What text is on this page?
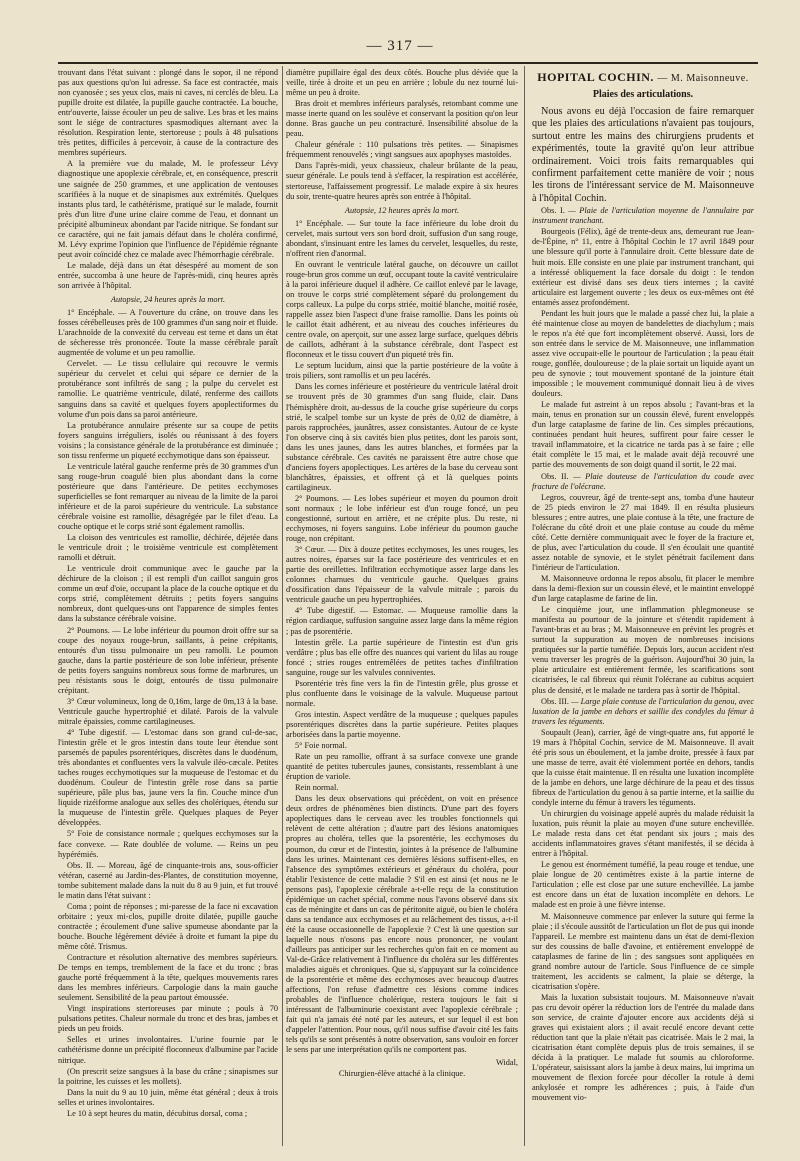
— 317 —

trouvant dans l'état suivant : plongé dans le sopor, il ne répond pas aux questions qu'on lui adresse. Sa face est contractée, mais non cyanosée ; ses yeux clos, mais ni caves, ni cerclés de bleu. La pupille droite est dilatée, la pupille gauche contractée. La bouche, entr'ouverte, laisse écouler un peu de salive. Les bras et les mains sont le siége de contractures spasmodiques alternant avec la résolution. Respiration lente, stertoreuse ; pouls à 48 pulsations très petites, difficiles à percevoir, à cause de la contracture des membres supérieurs.

A la première vue du malade, M. le professeur Lévy diagnostique une apoplexie cérébrale, et, en conséquence, prescrit une saignée de 250 grammes, et une application de ventouses scarifiées à la nuque et de sinapismes aux extrémités. Quelques instants plus tard, le cathétérisme, pratiqué sur le malade, fournit près d'un litre d'une urine claire comme de l'eau, et donnant un précipité albumineux abondant par l'acide nitrique. Se fondant sur ce caractère, qui ne fait jamais défaut dans le choléra confirmé, M. Lévy exprime l'opinion que l'influence de l'épidémie régnante peut avoir coïncidé chez ce malade avec l'hémorrhagie cérébrale.

Le malade, déjà dans un état désespéré au moment de son entrée, succomba à une heure de l'après-midi, cinq heures après son arrivée à l'hôpital.

Autopsie, 24 heures après la mort.

1° Encéphale. — A l'ouverture du crâne, on trouve dans les fosses cérébelleuses près de 100 grammes d'un sang noir et fluide. L'arachnoïde de la convexité du cerveau est terne et dans un état de sécheresse très prononcée. Toute la masse cérébrale paraît augmentée de volume et un peu ramollie.

Cervelet. — Le tissu cellulaire qui recouvre le vermis supérieur du cervelet et celui qui sépare ce dernier de la protubérance sont infiltrés de sang ; la pulpe du cervelet est ramollie. Le quatrième ventricule, dilaté, renferme des caillots sanguins dans sa cavité et quelques foyers apoplectiformes du volume d'un pois dans sa paroi antérieure.

La protubérance annulaire présente sur sa coupe de petits foyers sanguins irréguliers, isolés ou réunissant à des foyers voisins ; la consistance générale de la protubérance est diminuée ; son tissu renferme un piqueté ecchymotique dans son épaisseur.

Le ventricule latéral gauche renferme près de 30 grammes d'un sang rouge-brun coagulé bien plus abondant dans la corne postérieure que dans l'antérieure. De petites ecchymoses superficielles se font remarquer au niveau de la limite de la paroi inférieure et de la paroi supérieure du ventricule. La substance cérébrale voisine est ramollie, désagrégée par le filet d'eau. La couche optique et le corps strié sont également ramollis.

La cloison des ventricules est ramollie, déchirée, déjetée dans le ventricule droit ; le troisième ventricule est complètement ramolli et détruit.

Le ventricule droit communique avec le gauche par la déchirure de la cloison ; il est rempli d'un caillot sanguin gros comme un œuf d'oie, occupant la place de la couche optique et du corps strié, complètement détruits ; petits foyers sanguins nombreux, dont quelques-uns ont l'apparence de simples fentes dans la substance cérébrale voisine.

2° Poumons. — Le lobe inférieur du poumon droit offre sur sa coupe des noyaux rouge-brun, saillants, à peine crépitants, entourés d'un tissu pulmonaire un peu ramolli. Le poumon gauche, dans la partie postérieure de son lobe inférieur, présente de petits foyers sanguins nombreux sous forme de marbrures, un peu résistants sous le doigt, entourés de tissu pulmonaire crépitant.

3° Cœur volumineux, long de 0,16m, large de 0m,13 à la base. Ventricule gauche hypertrophié et dilaté. Parois de la valvule mitrale épaissies, comme cartilagineuses.

4° Tube digestif. — L'estomac dans son grand cul-de-sac, l'intestin grêle et le gros intestin dans toute leur étendue sont parsemés de papules psorentériques, discrètes dans le duodénum, très abondantes et confluentes vers la valvule iléo-cæcale. Petites taches rouges ecchymotiques sur la muqueuse de l'estomac et du duodénum. Couleur de l'intestin grêle rose dans sa partie supérieure, pâle plus bas, jaune vers la fin. Couche mince d'un liquide rizéiforme analogue aux selles des cholériques, étendu sur la muqueuse de l'intestin grêle. Quelques plaques de Peyer développées.

5° Foie de consistance normale ; quelques ecchymoses sur la face convexe. — Rate doublée de volume. — Reins un peu hypérémiés.

Obs. II. — Moreau, âgé de cinquante-trois ans, sous-officier vétéran, caserné au Jardin-des-Plantes, de constitution moyenne, tombe subitement malade dans la nuit du 8 au 9 juin, et fut trouvé le matin dans l'état suivant :

Coma ; point de réponses ; mi-paresse de la face ni excavation orbitaire ; yeux mi-clos, pupille droite dilatée, pupille gauche contractée ; écoulement d'une salive spumeuse abondante par la bouche. Bouche légèrement déviée à droite et fumant la pipe du même côté. Trismus.

Contracture et résolution alternative des membres supérieurs. De temps en temps, tremblement de la face et du tronc ; bras gauche porté fréquemment à la tête, quelques mouvements rares dans les membres inférieurs. Carpologie dans la main gauche seulement. Sensibilité de la peau partout émoussée.

Vingt inspirations stertoreuses par minute ; pouls à 70 pulsations petites. Chaleur normale du tronc et des bras, jambes et pieds un peu froids.

Selles et urines involontaires. L'urine fournie par le cathétérisme donne un précipité floconneux d'albumine par l'acide nitrique.

(On prescrit seize sangsues à la base du crâne ; sinapismes sur la poitrine, les cuisses et les mollets).

Dans la nuit du 9 au 10 juin, même état général ; deux à trois selles et urines involontaires.

Le 10 à sept heures du matin, décubitus dorsal, coma ;

diamètre pupillaire égal des deux côtés. Bouche plus déviée que la veille, tirée à droite et un peu en arrière ; lobule du nez tourné lui-même un peu à droite.

Bras droit et membres inférieurs paralysés, retombant comme une masse inerte quand on les soulève et conservant la position qu'on leur donne. Bras gauche un peu contracturé. Insensibilité absolue de la peau.

Chaleur générale : 110 pulsations très petites. — Sinapismes fréquemment renouvelés ; vingt sangsues aux apophyses mastoïdes.

Dans l'après-midi, yeux chassieux, chaleur brûlante de la peau, sueur générale. Le pouls tend à s'effacer, la respiration est accélérée, stertoreuse, l'affaissement progressif. Le malade expire à six heures du soir, trente-quatre heures après son entrée à l'hôpital.

Autopsie, 12 heures après la mort.

1° Encéphale. — Sur toute la face inférieure du lobe droit du cervelet, mais surtout vers son bord droit, suffusion d'un sang rouge, abondant, s'insinuant entre les lames du cervelet, lesquelles, du reste, n'offrent rien d'anormal.

En ouvrant le ventricule latéral gauche, on découvre un caillot rouge-brun gros comme un œuf, occupant toute la cavité ventriculaire à la paroi inférieure duquel il adhère. Ce caillot enlevé par le lavage, on trouve le corps strié complètement séparé du prolongement du corps calleux. La pulpe du corps striée, moitié blanche, moitié rosée, rappelle assez bien l'aspect d'une fraise ramollie. Dans les points où le caillot était adhérent, et au niveau des couches inférieures du centre ovale, on aperçoit, sur une assez large surface, quelques débris de caillots, adhérant à la substance cérébrale, dont l'aspect est floconneux et le tissu couvert d'un piqueté très fin.

Le septum lucidum, ainsi que la partie postérieure de la voûte à trois piliers, sont ramollis et un peu lacérés.

Dans les cornes inférieure et postérieure du ventricule latéral droit se trouvent près de 30 grammes d'un sang fluide, clair. Dans l'hémisphère droit, au-dessus de la couche grise supérieure du corps strié, le scalpel tombe sur un kyste de près de 0,02 de diamètre, à parois rapprochées, jaunâtres, assez consistantes. Autour de ce kyste l'on observe cinq à six cavités bien plus petites, dont les parois sont, dans les unes jaunes, dans les autres blanches, et formées par la substance cérébrale. Ces cavités ne paraissent être autre chose que d'anciens foyers apoplectiques. Les artères de la base du cerveau sont blanchâtres, épaissies, et offrent çà et là quelques points cartilagineux.

2° Poumons. — Les lobes supérieur et moyen du poumon droit sont normaux ; le lobe inférieur est d'un rouge foncé, un peu congestionné, surtout en arrière, et ne crépite plus. Du reste, ni ecchymoses, ni foyers sanguins. Lobe inférieur du poumon gauche rouge, non crépitant.

3° Cœur. — Dix à douze petites ecchymoses, les unes rouges, les autres noires, éparses sur la face postérieure des ventricules et en partie des oreillettes. Infiltration ecchymotique assez large dans les colonnes charnues du ventricule gauche. Quelques grains d'ossification dans l'épaisseur de la valvule mitrale ; parois du ventricule gauche un peu hypertrophiées.

4° Tube digestif. — Estomac. — Muqueuse ramollie dans la région cardiaque, suffusion sanguine assez large dans la même région ; pas de psorentérie.

Intestin grêle. La partie supérieure de l'intestin est d'un gris verdâtre ; plus bas elle offre des nuances qui varient du lilas au rouge foncé ; stries rouges entremêlées de petites taches d'infiltration sanguine, rouge sur les valvules conniventes.

Psorentérie très fine vers la fin de l'intestin grêle, plus grosse et plus confluente dans le voisinage de la valvule. Muqueuse partout normale.

Gros intestin. Aspect verdâtre de la muqueuse ; quelques papules psorentériques discrètes dans la partie supérieure. Petites plaques arborisées dans la partie moyenne.

5° Foie normal.

Rate un peu ramollie, offrant à sa surface convexe une grande quantité de petites tubercules jaunes, consistants, ressemblant à une éruption de variole.

Rein normal.

Dans les deux observations qui précèdent, on voit en présence deux ordres de phénomènes bien distincts. D'une part des foyers apoplectiques dans le cerveau avec les troubles fonctionnels qui relèvent de cette altération ; d'autre part des lésions anatomiques propres au choléra, telles que la psorentérie, les ecchymoses du poumon, du cœur et de l'intestin, jointes à la présence de l'albumine dans les urines. Maintenant ces dernières lésions suffisent-elles, en l'absence des symptômes extérieurs et généraux du choléra, pour établir l'existence de cette maladie ? S'il en est ainsi (et nous ne le pensons pas), l'apoplexie cérébrale a-t-elle reçu de la constitution épidémique un cachet spécial, comme nous l'avons observé dans six cas de méningite et dans un cas de péritonite aiguë, ou bien le choléra dans sa tendance aux ecchymoses et au relâchement des tissus, a-t-il été la cause occasionnelle de l'apoplexie ? C'est là une question sur laquelle nous n'osons pas encore nous prononcer, ne voulant d'ailleurs pas anticiper sur les recherches qu'on fait en ce moment au Val-de-Grâce relativement à l'influence du choléra sur les différentes maladies aiguës et chroniques. Que si, s'appuyant sur la coïncidence de la psorentérie et même des ecchymoses avec beaucoup d'autres affections, l'on refuse d'admettre ces lésions comme indices probables de l'influence cholérique, restera toujours le fait si intéressant de l'albuminurie coexistant avec l'apoplexie cérébrale ; fait qui n'a jamais été noté par les auteurs, et sur lequel il est bon d'appeler l'attention. Pour nous, qu'il nous suffise d'avoir cité les faits tels qu'ils se sont présentés à notre observation, sans vouloir en forcer le sens par une interprétation qu'ils ne comportent pas.

Widal,

Chirurgien-élève attaché à la clinique.

HOPITAL COCHIN. — M. Maisonneuve.
Plaies des articulations.

Nous avons eu déjà l'occasion de faire remarquer que les plaies des articulations n'avaient pas toujours, surtout entre les mains des chirurgiens prudents et expérimentés, toute la gravité qu'on leur attribue ordinairement. Voici trois faits remarquables qui confirment parfaitement cette manière de voir ; nous les tirons de l'intéressant service de M. Maisonneuve à l'hôpital Cochin.

Obs. I. — Plaie de l'articulation moyenne de l'annulaire par instrument tranchant.

Bourgeois (Félix), âgé de trente-deux ans, demeurant rue Jean-de-l'Épine, n° 11, entre à l'hôpital Cochin le 17 avril 1849 pour une blessure qu'il porte à l'annulaire droit. Cette blessure date de huit mois. Elle consiste en une plaie par instrument tranchant, qui a intéressé obliquement la face dorsale du doigt : le tendon extérieur est divisé dans ses deux tiers internes ; la cavité articulaire est largement ouverte ; les deux os eux-mêmes ont été entamés assez profondément.

Pendant les huit jours que le malade a passé chez lui, la plaie a été maintenue close au moyen de bandelettes de diachylum ; mais le repos n'a été que fort incomplètement observé. Aussi, lors de son entrée dans le service de M. Maisonneuve, une inflammation assez vive occupait-elle le pourtour de l'articulation ; la peau était rouge, gonflée, douloureuse ; de la plaie sortait un liquide ayant un peu de synovie ; tout mouvement spontané de la jointure était impossible ; le mouvement communiqué donnait lieu à de vives douleurs.

Le malade fut astreint à un repos absolu ; l'avant-bras et la main, tenus en pronation sur un coussin élevé, furent enveloppés d'un large cataplasme de farine de lin. Ces simples précautions, continuées pendant huit heures, suffirent pour faire cesser le travail inflammatoire, et la cicatrice ne tarda pas à se faire ; elle était complète le 15 mai, et le malade avait déjà recouvré une partie des mouvements de son doigt quand il sortit, le 22 mai.

Obs. II. — Plaie douteuse de l'articulation du coude avec fracture de l'olécrane.

Legros, couvreur, âgé de trente-sept ans, tomba d'une hauteur de 25 pieds environ le 27 mai 1849. Il en résulta plusieurs blessures ; entre autres, une plaie contuse à la tête, une fracture de l'olécrane du côté droit et une plaie contuse au coude du même côté. Cette dernière communiquait avec le foyer de la fracture et, de plus, avec l'articulation du coude. Il s'en écoulait une quantité assez notable de synovie, et le stylet pénétrait facilement dans l'intérieur de l'articulation.

M. Maisonneuve ordonna le repos absolu, fit placer le membre dans la demi-flexion sur un coussin élevé, et le maintint enveloppé d'un large cataplasme de farine de lin.

Le cinquième jour, une inflammation phlegmoneuse se manifesta au pourtour de la jointure et s'étendit rapidement à l'avant-bras et au bras ; M. Maisonneuve en prévint les progrès et surtout la suppuration au moyen de nombreuses incisions pratiquées sur la partie tuméfiée. Depuis lors, aucun accident n'est venu traverser les progrès de la guérison. Aujourd'hui 30 juin, la plaie articulaire est entièrement fermée, les scarifications sont cicatrisées, le cal fibreux qui réunit l'olécrane au cubitus acquiert plus de densité, et le malade ne tardera pas à sortir de l'hôpital.

Obs. III. — Large plaie contuse de l'articulation du genou, avec luxation de la jambe en dehors et saillie des condyles du fémur à travers les téguments.

Soupault (Jean), carrier, âgé de vingt-quatre ans, fut apporté le 19 mars à l'hôpital Cochin, service de M. Maisonneuve. Il avait été pris sous un éboulement, et la jambe droite, pressée à faux par une masse de terre, avait été violemment portée en dehors, tandis que la cuisse était maintenue. Il en résulta une luxation incomplète de la jambe en dehors, une large déchirure de la peau et des tissus fibreux de l'articulation du genou à sa partie interne, et la saillie du condyle interne du fémur à travers les téguments.

Un chirurgien du voisinage appelé auprès du malade réduisit la luxation, puis réunit la plaie au moyen d'une suture enchevillée. Le malade resta dans cet état pendant six jours ; mais des accidents inflammatoires graves s'étant manifestés, il se décida à entrer à l'hôpital.

Le genou est énormément tuméfié, la peau rouge et tendue, une plaie longue de 20 centimètres existe à la partie interne de l'articulation ; elle est close par une suture enchevillée. La jambe est encore dans un état de luxation incomplète en dehors. Le malade est en proie à une fièvre intense.

M. Maisonneuve commence par enlever la suture qui ferme la plaie ; il s'écoule aussitôt de l'articulation un flot de pus qui inonde l'appareil. Le membre est maintenu dans un état de demi-flexion sur des coussins de balle d'avoine, et entièrement enveloppé de cataplasmes de farine de lin ; des sangsues sont appliquées en grand nombre autour de l'article. Sous l'influence de ce simple traitement, les accidents se calment, la plaie se déterge, la cicatrisation s'opère.

Mais la luxation subsistait toujours. M. Maisonneuve n'avait pas cru devoir opérer la réduction lors de l'entrée du malade dans son service, de crainte d'ajouter encore aux accidents déjà si graves qui existaient alors ; il avait reculé encore devant cette réduction tant que la plaie n'était pas cicatrisée. Mais le 2 mai, la cicatrisation étant complète depuis plus de trois semaines, il se décida à la pratiquer. Le malade fut soumis au chloroforme. L'opérateur, saisissant alors la jambe à deux mains, lui imprima un mouvement de flexion forcée pour décoller la rotule à demi ankylosée et rompre les adhérences ; puis, à l'aide d'un mouvement vio-
